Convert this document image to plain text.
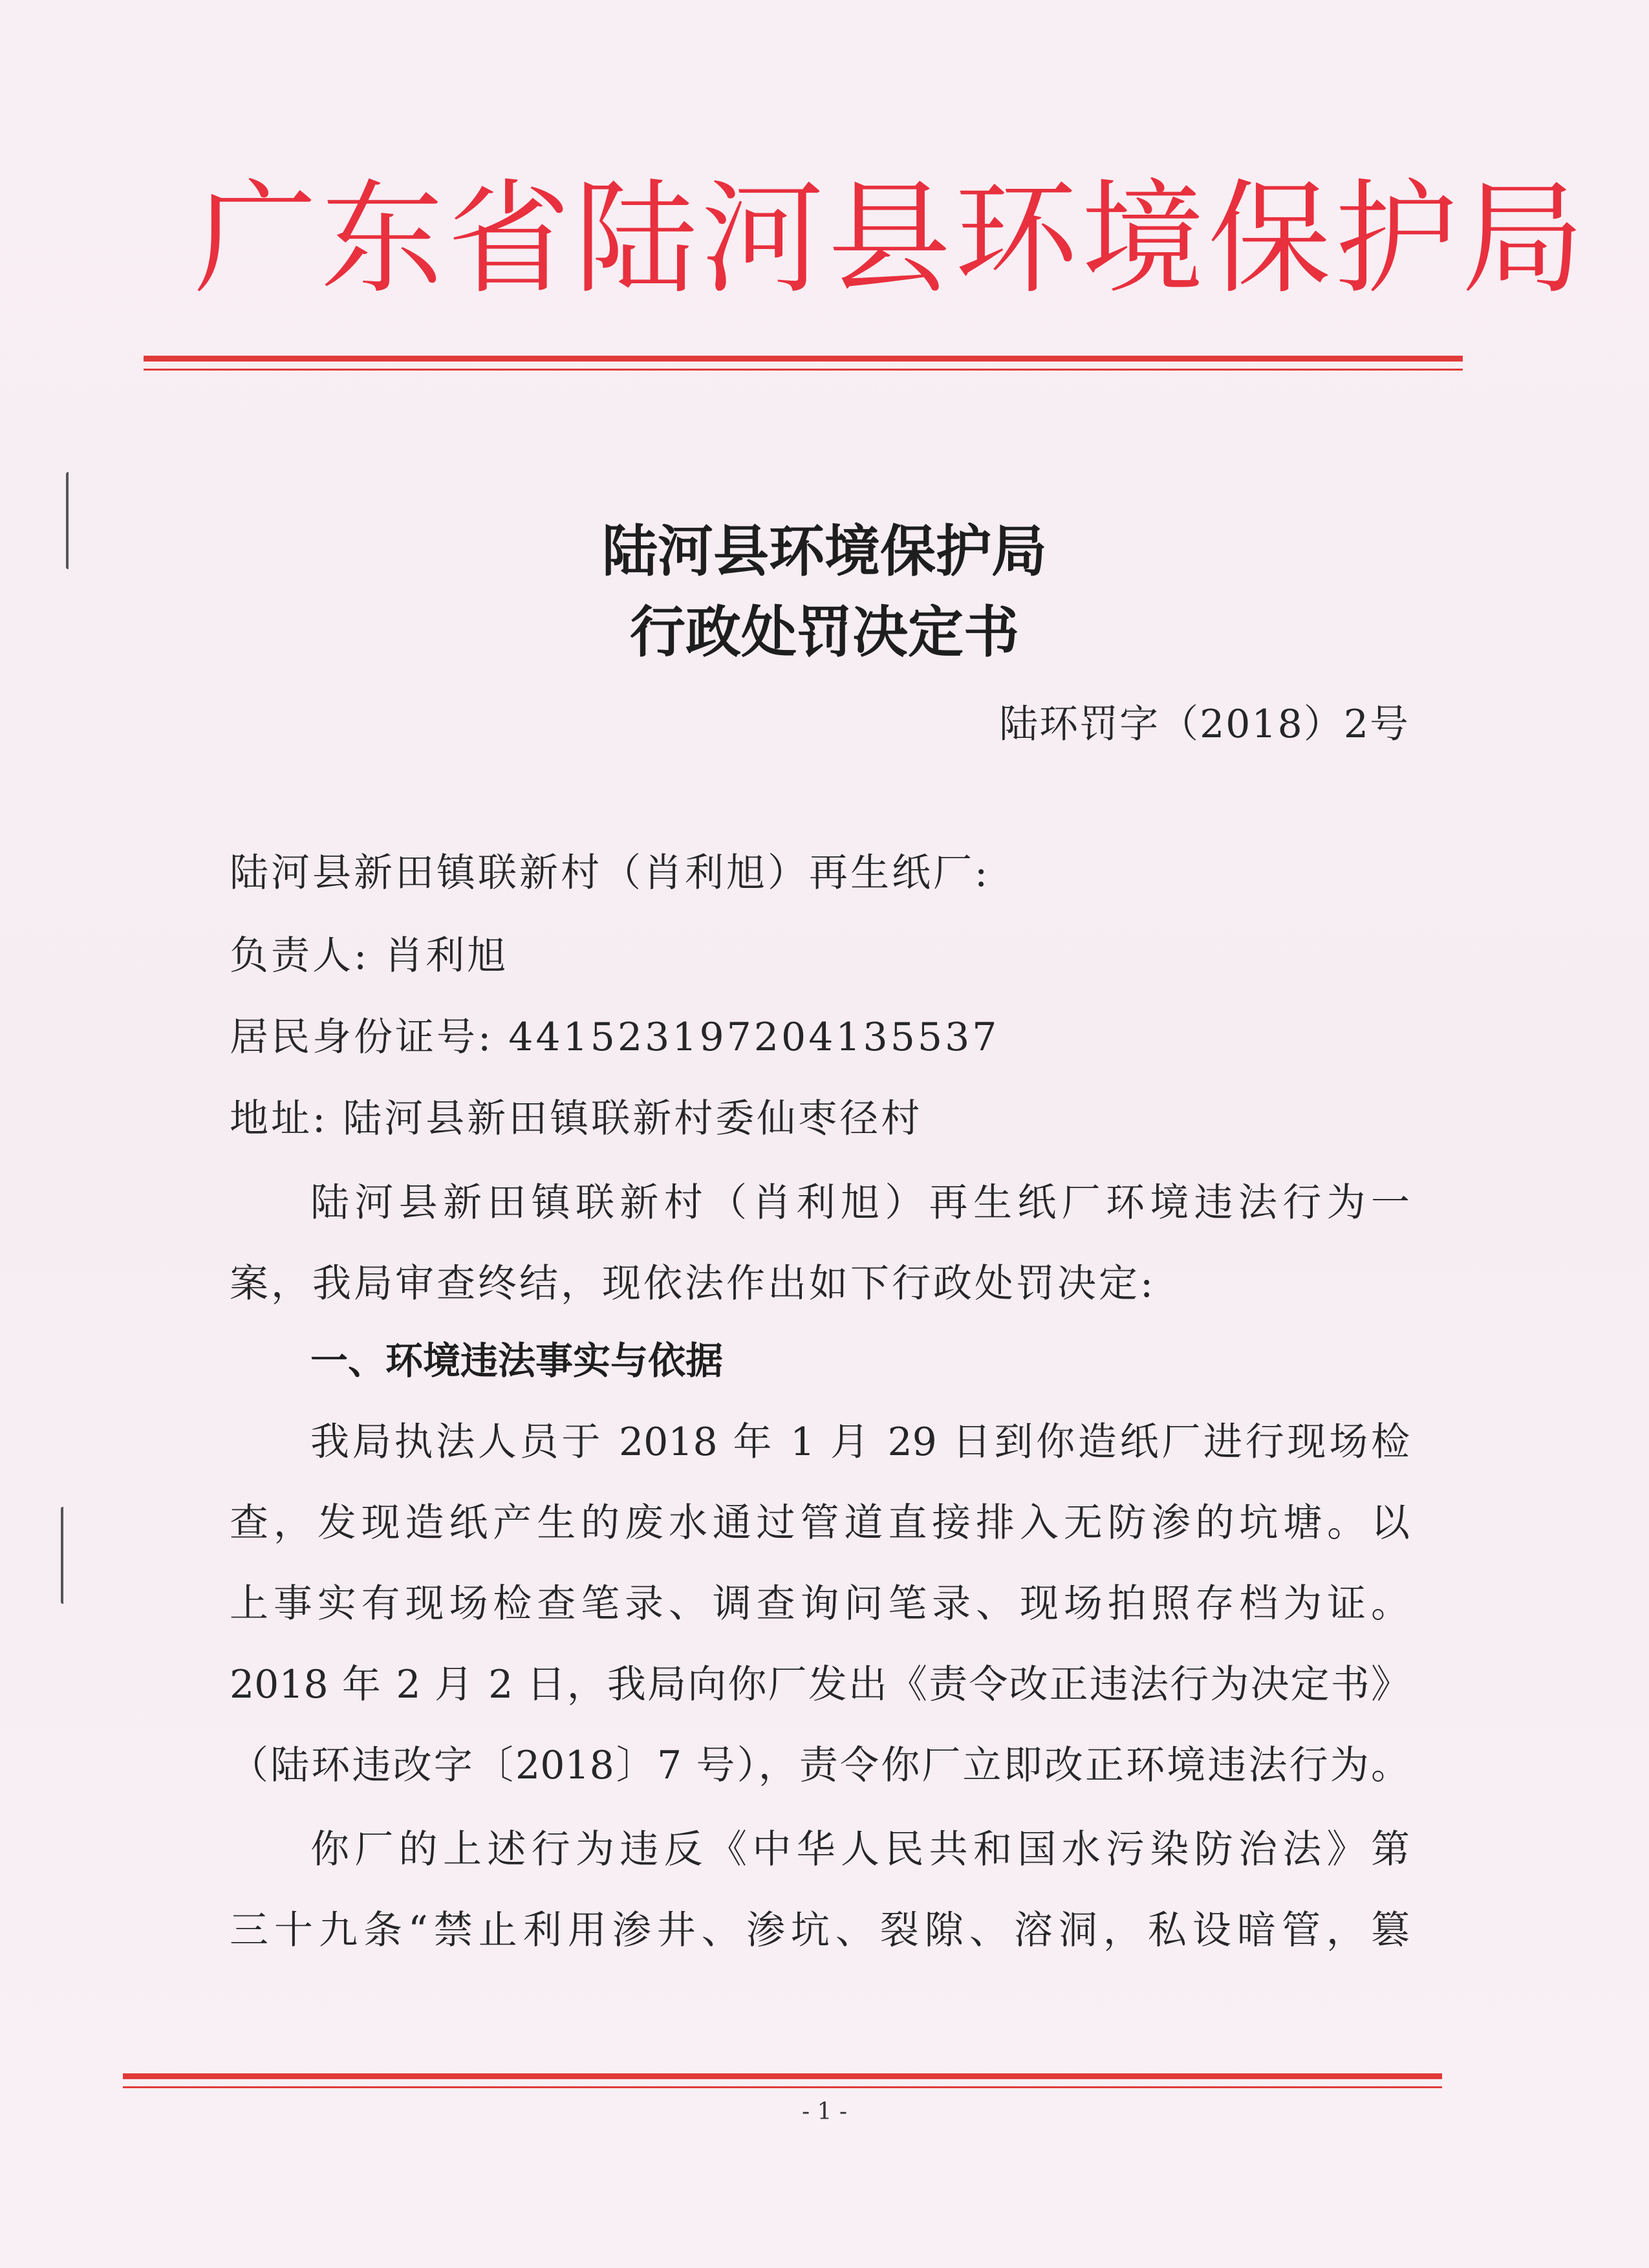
广东省陆河县环境保护局
陆河县环境保护局
行政处罚决定书
陆环罚字（2018）2号
陆河县新田镇联新村（肖利旭）再生纸厂:
负责人: 肖利旭
居民身份证号: 441523197204135537
地址: 陆河县新田镇联新村委仙枣径村
陆河县新田镇联新村（肖利旭）再生纸厂环境违法行为一
案，我局审查终结，现依法作出如下行政处罚决定:
一、环境违法事实与依据
我局执法人员于 2018 年 1 月 29 日到你造纸厂进行现场检
查，发现造纸产生的废水通过管道直接排入无防渗的坑塘。以
上事实有现场检查笔录、调查询问笔录、现场拍照存档为证。
2018 年 2 月 2 日，我局向你厂发出《责令改正违法行为决定书》
（陆环违改字〔2018〕7 号），责令你厂立即改正环境违法行为。
你厂的上述行为违反《中华人民共和国水污染防治法》第
三十九条“禁止利用渗井、渗坑、裂隙、溶洞，私设暗管，篡
- 1 -
